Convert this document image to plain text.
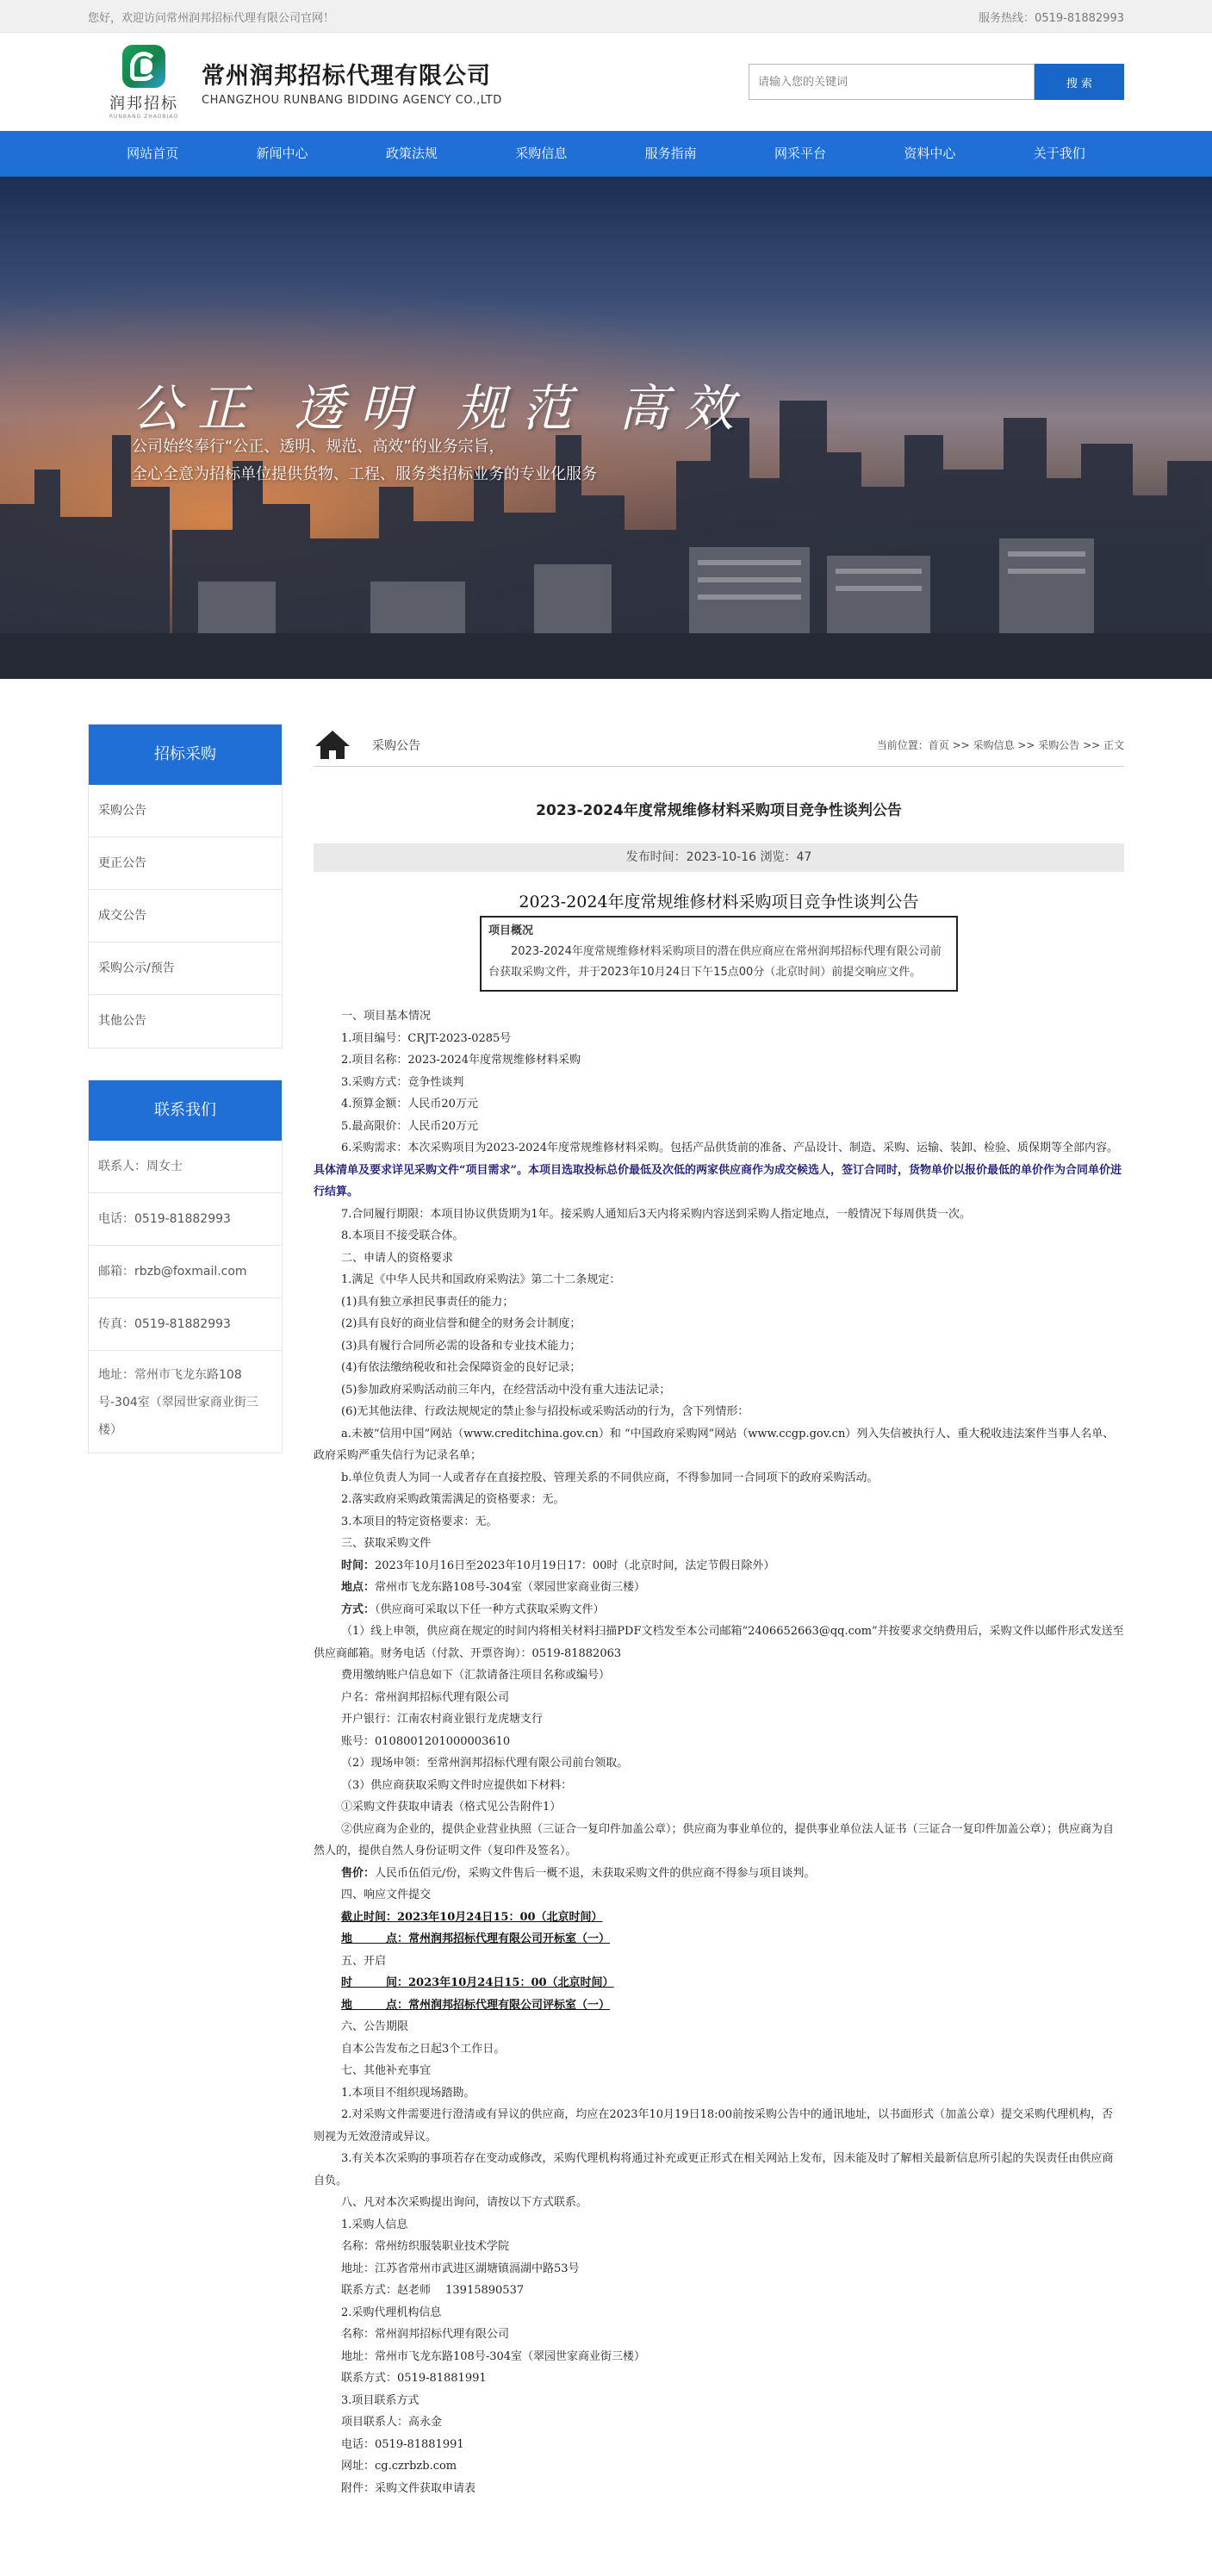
您好，欢迎访问常州润邦招标代理有限公司官网！	服务热线：0519-81882993
润邦招标
RUNBANG ZHAOBIAO
常州润邦招标代理有限公司
CHANGZHOU RUNBANG BIDDING AGENCY CO.,LTD
请输入您的关键词
搜 索
网站首页	新闻中心	政策法规	采购信息	服务指南	网采平台	资料中心	关于我们
公正 透明 规范 高效
公司始终奉行“公正、透明、规范、高效”的业务宗旨，
全心全意为招标单位提供货物、工程、服务类招标业务的专业化服务
招标采购
采购公告
更正公告
成交公告
采购公示/预告
其他公告
联系我们
联系人：周女士
电话：0519-81882993
邮箱：rbzb@foxmail.com
传真：0519-81882993
地址：常州市飞龙东路108号-304室（翠园世家商业街三楼）
采购公告	当前位置：首页 >> 采购信息 >> 采购公告 >> 正文
2023-2024年度常规维修材料采购项目竞争性谈判公告
发布时间：2023-10-16 浏览：47
2023-2024年度常规维修材料采购项目竞争性谈判公告
项目概况
2023-2024年度常规维修材料采购项目的潜在供应商应在常州润邦招标代理有限公司前台获取采购文件，并于2023年10月24日下午15点00分（北京时间）前提交响应文件。

一、项目基本情况

1.项目编号：CRJT-2023-0285号

2.项目名称：2023-2024年度常规维修材料采购

3.采购方式：竞争性谈判

4.预算金额：人民币20万元

5.最高限价：人民币20万元

6.采购需求：本次采购项目为2023-2024年度常规维修材料采购。包括产品供货前的准备、产品设计、制造、采购、运输、装卸、检验、质保期等全部内容。具体清单及要求详见采购文件“项目需求”。本项目选取投标总价最低及次低的两家供应商作为成交候选人，签订合同时，货物单价以报价最低的单价作为合同单价进行结算。

7.合同履行期限：本项目协议供货期为1年。接采购人通知后3天内将采购内容送到采购人指定地点，一般情况下每周供货一次。

8.本项目不接受联合体。

二、申请人的资格要求

1.满足《中华人民共和国政府采购法》第二十二条规定：

(1)具有独立承担民事责任的能力；

(2)具有良好的商业信誉和健全的财务会计制度；

(3)具有履行合同所必需的设备和专业技术能力；

(4)有依法缴纳税收和社会保障资金的良好记录；

(5)参加政府采购活动前三年内，在经营活动中没有重大违法记录；

(6)无其他法律、行政法规规定的禁止参与招投标或采购活动的行为，含下列情形：

a.未被“信用中国”网站（www.creditchina.gov.cn）和 “中国政府采购网”网站（www.ccgp.gov.cn）列入失信被执行人、重大税收违法案件当事人名单、政府采购严重失信行为记录名单；

b.单位负责人为同一人或者存在直接控股、管理关系的不同供应商，不得参加同一合同项下的政府采购活动。

2.落实政府采购政策需满足的资格要求：无。

3.本项目的特定资格要求：无。

三、获取采购文件

时间：2023年10月16日至2023年10月19日17：00时（北京时间，法定节假日除外）

地点：常州市飞龙东路108号-304室（翠园世家商业街三楼）

方式：（供应商可采取以下任一种方式获取采购文件）

（1）线上申领，供应商在规定的时间内将相关材料扫描PDF文档发至本公司邮箱“2406652663@qq.com”并按要求交纳费用后，采购文件以邮件形式发送至供应商邮箱。财务电话（付款、开票咨询）：0519-81882063

费用缴纳账户信息如下（汇款请备注项目名称或编号）

户名：常州润邦招标代理有限公司

开户银行：江南农村商业银行龙虎塘支行

账号：0108001201000003610

（2）现场申领：至常州润邦招标代理有限公司前台领取。

（3）供应商获取采购文件时应提供如下材料：

①采购文件获取申请表（格式见公告附件1）

②供应商为企业的，提供企业营业执照（三证合一复印件加盖公章）；供应商为事业单位的，提供事业单位法人证书（三证合一复印件加盖公章）；供应商为自然人的，提供自然人身份证明文件（复印件及签名）。

售价：人民币伍佰元/份，采购文件售后一概不退，未获取采购文件的供应商不得参与项目谈判。

四、响应文件提交

截止时间：2023年10月24日15：00（北京时间）

地　　　点：常州润邦招标代理有限公司开标室（一）

五、开启

时　　　间：2023年10月24日15：00（北京时间）

地　　　点：常州润邦招标代理有限公司评标室（一）

六、公告期限

自本公告发布之日起3个工作日。

七、其他补充事宜

1.本项目不组织现场踏勘。

2.对采购文件需要进行澄清或有异议的供应商，均应在2023年10月19日18:00前按采购公告中的通讯地址，以书面形式（加盖公章）提交采购代理机构，否则视为无效澄清或异议。

3.有关本次采购的事项若存在变动或修改，采购代理机构将通过补充或更正形式在相关网站上发布，因未能及时了解相关最新信息所引起的失误责任由供应商自负。

八、凡对本次采购提出询问，请按以下方式联系。

1.采购人信息

名称：常州纺织服装职业技术学院

地址：江苏省常州市武进区湖塘镇滆湖中路53号

联系方式：赵老师　 13915890537

2.采购代理机构信息

名称：常州润邦招标代理有限公司

地址：常州市飞龙东路108号-304室（翠园世家商业街三楼）

联系方式：0519-81881991

3.项目联系方式

项目联系人：高永金

电话：0519-81881991

网址：cg.czrbzb.com

附件：采购文件获取申请表
